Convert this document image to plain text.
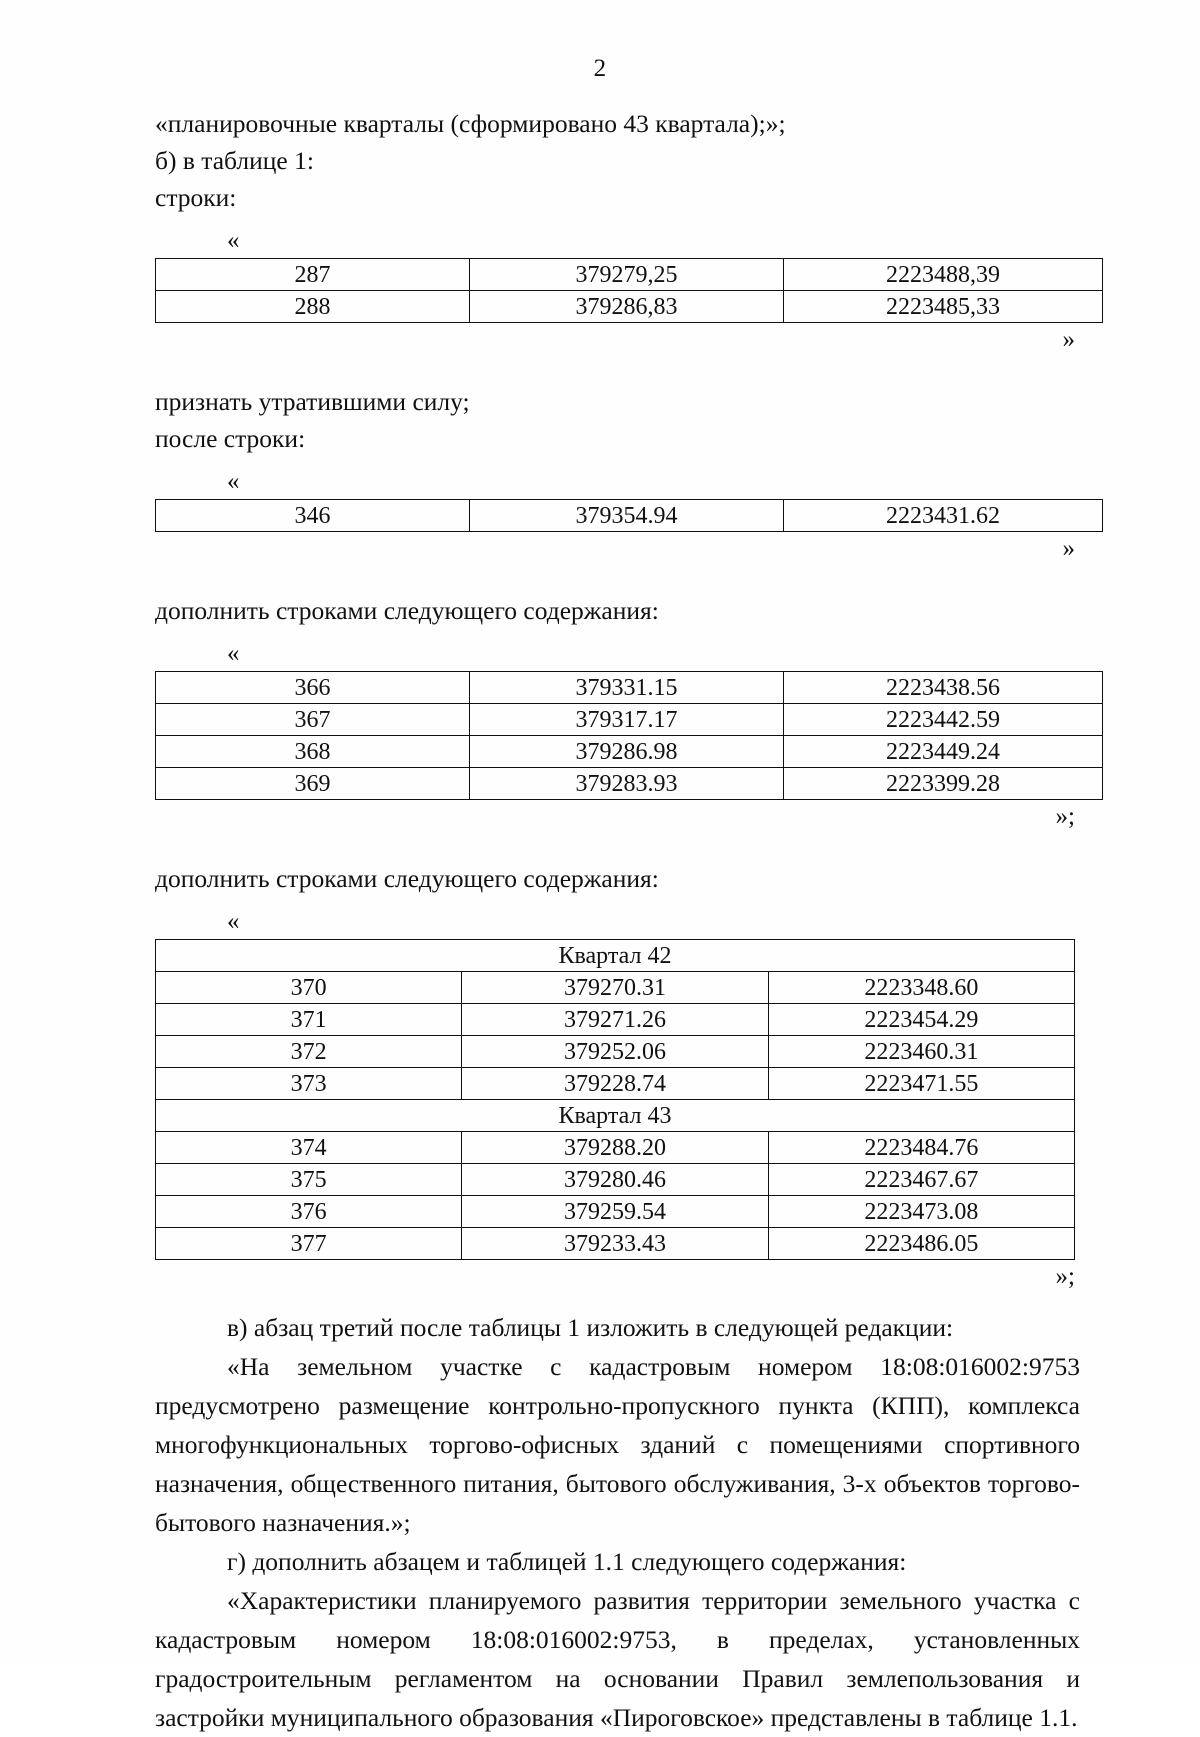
2
«планировочные кварталы (сформировано 43 квартала);»;
б) в таблице 1:
строки:
«
287	379279,25	2223488,39
288	379286,83	2223485,33
»
признать утратившими силу;
после строки:
«
346	379354.94	2223431.62
»
дополнить строками следующего содержания:
«
366	379331.15	2223438.56
367	379317.17	2223442.59
368	379286.98	2223449.24
369	379283.93	2223399.28
»;
дополнить строками следующего содержания:
«
Квартал 42		
370	379270.31	2223348.60
371	379271.26	2223454.29
372	379252.06	2223460.31
373	379228.74	2223471.55
Квартал 43		
374	379288.20	2223484.76
375	379280.46	2223467.67
376	379259.54	2223473.08
377	379233.43	2223486.05
»;

в) абзац третий после таблицы 1 изложить в следующей редакции:

«На земельном участке с кадастровым номером 18:08:016002:9753 предусмотрено размещение контрольно-пропускного пункта (КПП), комплекса многофункциональных торгово-офисных зданий с помещениями спортивного назначения, общественного питания, бытового обслуживания, 3-х объектов торгово-бытового назначения.»;

г) дополнить абзацем и таблицей 1.1 следующего содержания:

«Характеристики планируемого развития территории земельного участка с кадастровым номером 18:08:016002:9753, в пределах, установленных градостроительным регламентом на основании Правил землепользования и застройки муниципального образования «Пироговское» представлены в таблице 1.1.
